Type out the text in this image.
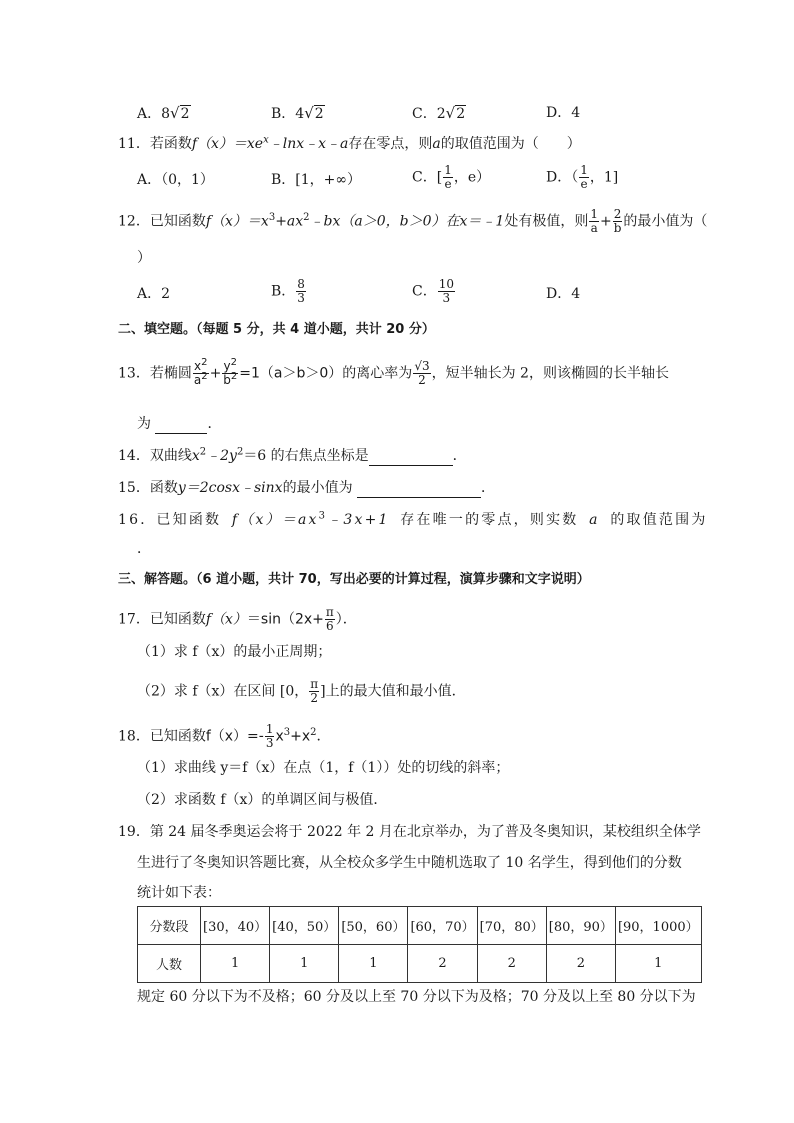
A．8√2	B．4√2	C．2√2	D．4
11．若函数$f(x)=xe^x﹣\ln x﹣x﹣a$存在零点，则a的取值范围为（　　）
A．（0，1）	B．[1，+∞）	C．[ $\frac{1}{e}$ ，e）	D．（ $\frac{1}{e}$ ，1]
12．已知函数$f(x)=x^3+ax^2﹣bx(a>0$，b＞0）在x＝﹣1处有极值，则 $\frac{1}{a} + \frac{2}{b}$ 的最小值为（
）
A．2	B． $\frac{8}{3}$	C． $\frac{10}{3}$	D．4
二、填空题。（每题 5 分，共 4 道小题，共计 20 分）
13．若椭圆 $\frac{x^2}{a^2} + \frac{y^2}{b^2} =1(a>b>0)$的离心率为 $\frac{√3}{2}$ ，短半轴长为 2，则该椭圆的长半轴长
为	．
14．双曲线$x^2﹣2y^2=6$ 的右焦点坐标是	．
15．函数y＝2cosx﹣sinx的最小值为	．
16．已知函数 $f(x)=ax^3﹣3x+1$ 存在唯一的零点，则实数 a 的取值范围为
．
三、解答题。（6 道小题，共计 70，写出必要的计算过程，演算步骤和文字说明）
17．已知函数$f(x)=\sin(2x+ \frac{\pi}{6}$ ）．
（1）求 f（x）的最小正周期；
（2）求 f（x）在区间 [0， $\frac{\pi}{2}$ ]上的最大值和最小值．
18．已知函数$f(x)=- \frac{1}{3} x^3+x^2$．
（1）求曲线 y＝f（x）在点（1，f（1））处的切线的斜率；
（2）求函数 f（x）的单调区间与极值．
19．第 24 届冬季奥运会将于 2022 年 2 月在北京举办，为了普及冬奥知识，某校组织全体学
生进行了冬奥知识答题比赛，从全校众多学生中随机选取了 10 名学生，得到他们的分数
统计如下表：
分数段	[30，40）	[40，50）	[50，60）	[60，70）	[70，80）	[80，90）	[90，1000）
人数	1	1	1	2	2	2	1
规定 60 分以下为不及格；60 分及以上至 70 分以下为及格；70 分及以上至 80 分以下为
